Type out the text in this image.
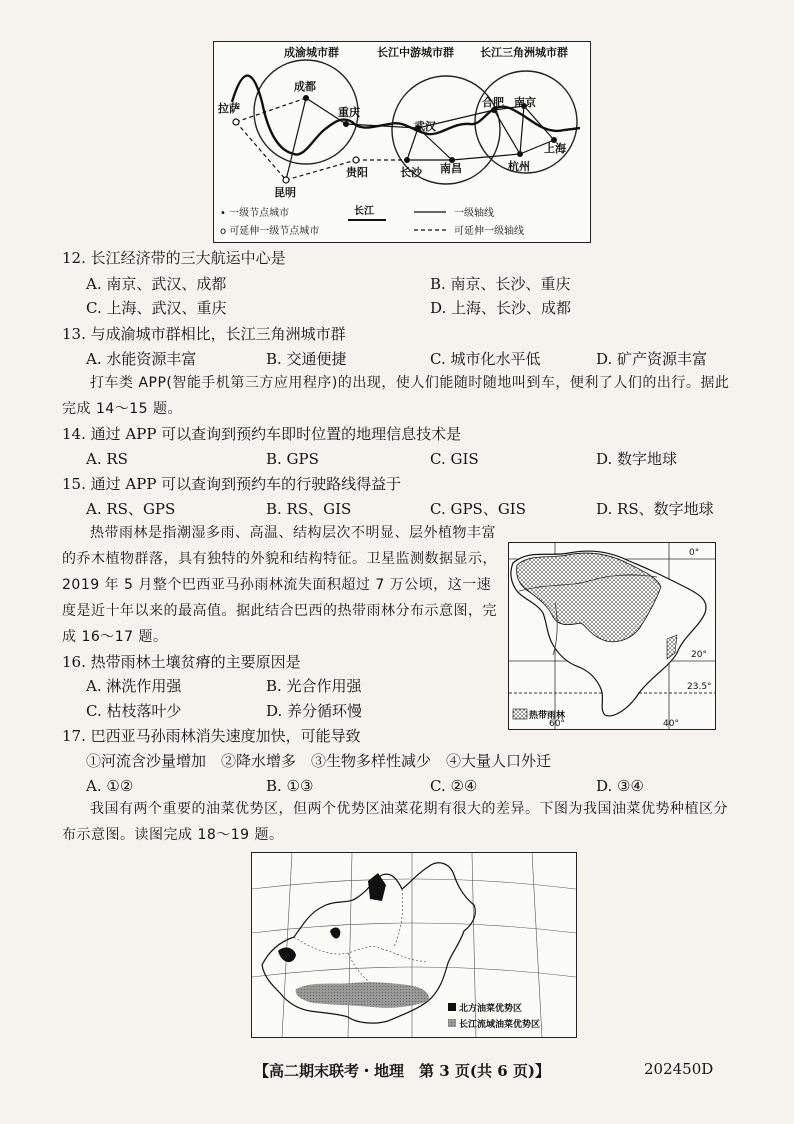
成渝城市群	长江中游城市群 长江三角洲城市群
成都
拉萨	重庆
昆明
贵阳	长沙 南昌
武汉
合肥 南京
杭州
上海
• 一级节点城市
o 可延伸一级节点城市
长江	一级轴线
可延伸一级轴线
12. 长江经济带的三大航运中心是
A. 南京、武汉、成都	B. 南京、长沙、重庆
C. 上海、武汉、重庆	D. 上海、长沙、成都
13. 与成渝城市群相比，长江三角洲城市群
A. 水能资源丰富	B. 交通便捷	C. 城市化水平低	D. 矿产资源丰富
打车类 APP(智能手机第三方应用程序)的出现，使人们能随时随地叫到车，便利了人们的出行。据此完成 14～15 题。
14. 通过 APP 可以查询到预约车即时位置的地理信息技术是
A. RS	B. GPS	C. GIS	D. 数字地球
15. 通过 APP 可以查询到预约车的行驶路线得益于
A. RS、GPS	B. RS、GIS	C. GPS、GIS	D. RS、数字地球
热带雨林是指潮湿多雨、高温、结构层次不明显、层外植物丰富的乔木植物群落，具有独特的外貌和结构特征。卫星监测数据显示，2019 年 5 月整个巴西亚马孙雨林流失面积超过 7 万公顷，这一速度是近十年以来的最高值。据此结合巴西的热带雨林分布示意图，完成 16～17 题。
0°
20°
23.5°
60°	40°
热带雨林
16. 热带雨林土壤贫瘠的主要原因是
A. 淋洗作用强	B. 光合作用强
C. 枯枝落叶少	D. 养分循环慢
17. 巴西亚马孙雨林消失速度加快，可能导致
①河流含沙量增加　②降水增多　③生物多样性减少　④大量人口外迁
A. ①②	B. ①③	C. ②④	D. ③④
我国有两个重要的油菜优势区，但两个优势区油菜花期有很大的差异。下图为我国油菜优势种植区分布示意图。读图完成 18～19 题。
北方油菜优势区
长江流域油菜优势区
【高二期末联考・地理　第 3 页(共 6 页)】	202450D
